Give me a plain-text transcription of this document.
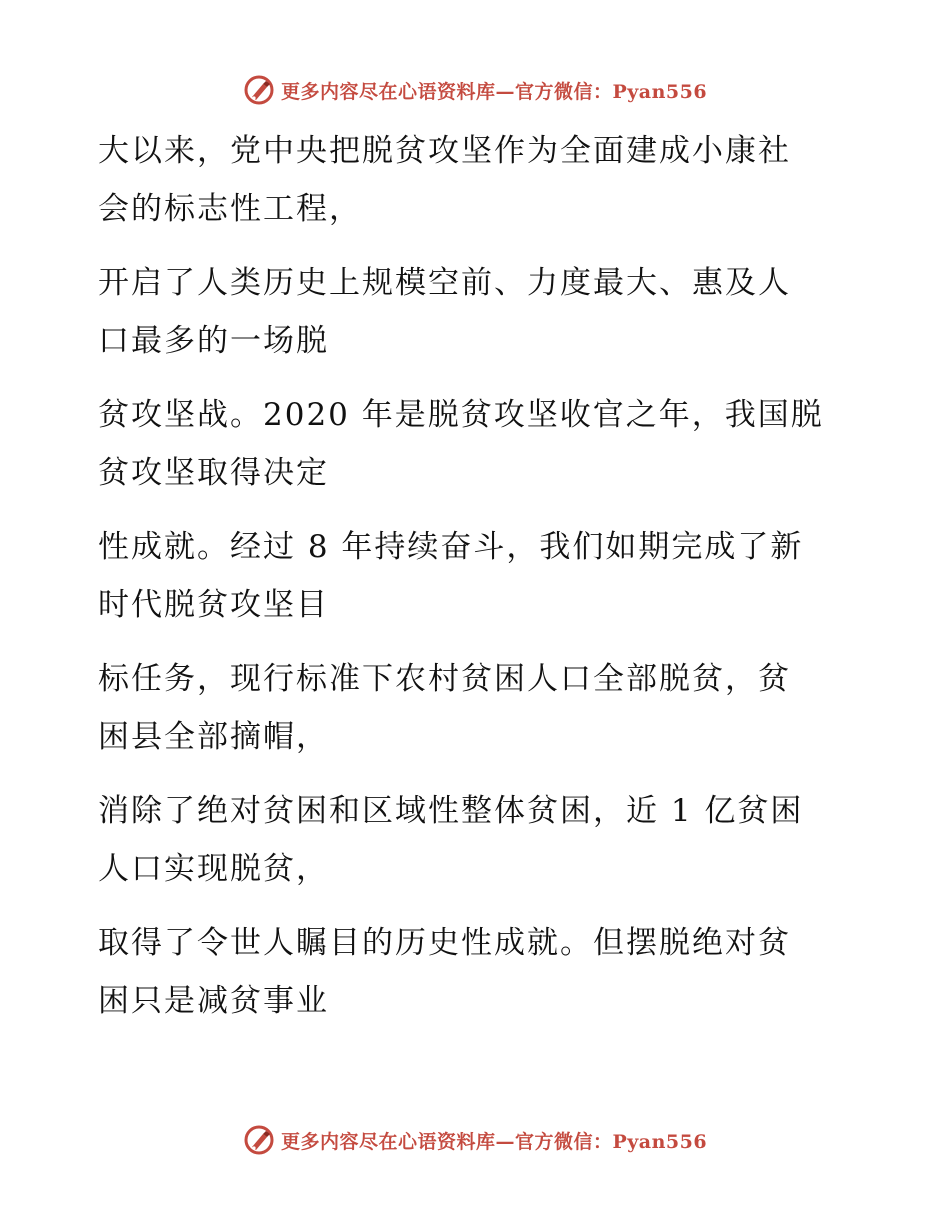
更多内容尽在心语资料库—官方微信：Pyan556

大以来，党中央把脱贫攻坚作为全面建成小康社
会的标志性工程，

开启了人类历史上规模空前、力度最大、惠及人
口最多的一场脱

贫攻坚战。2020 年是脱贫攻坚收官之年，我国脱
贫攻坚取得决定

性成就。经过 8 年持续奋斗，我们如期完成了新
时代脱贫攻坚目

标任务，现行标准下农村贫困人口全部脱贫，贫
困县全部摘帽，

消除了绝对贫困和区域性整体贫困，近 1 亿贫困
人口实现脱贫，

取得了令世人瞩目的历史性成就。但摆脱绝对贫
困只是减贫事业

更多内容尽在心语资料库—官方微信：Pyan556
